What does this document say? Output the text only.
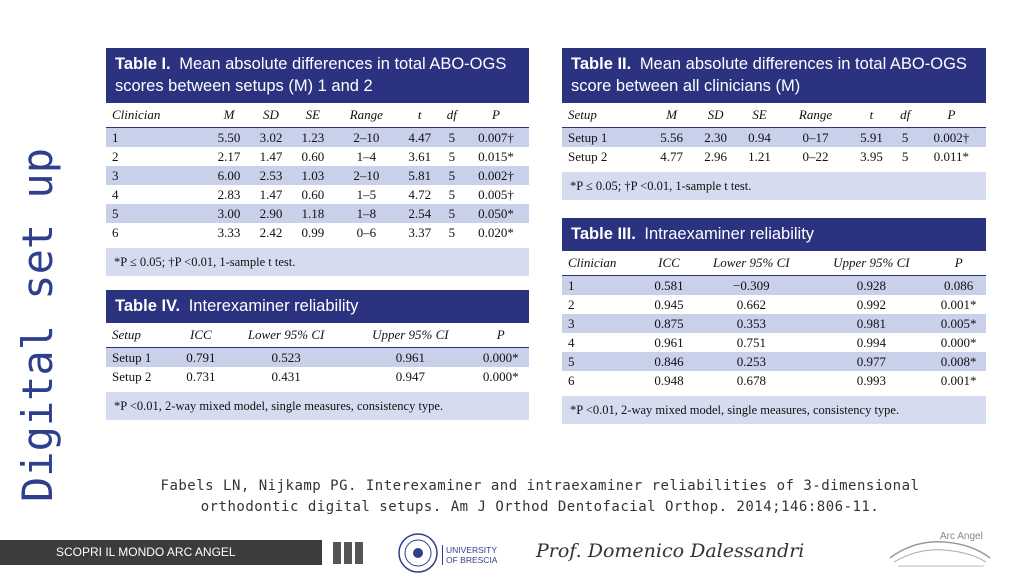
Digital set up
Table I. Mean absolute differences in total ABO-OGS scores between setups (M) 1 and 2
Clinician	M	SD	SE	Range	t	df	P
1	5.50	3.02	1.23	2–10	4.47	5	0.007†
2	2.17	1.47	0.60	1–4	3.61	5	0.015*
3	6.00	2.53	1.03	2–10	5.81	5	0.002†
4	2.83	1.47	0.60	1–5	4.72	5	0.005†
5	3.00	2.90	1.18	1–8	2.54	5	0.050*
6	3.33	2.42	0.99	0–6	3.37	5	0.020*
*P ≤ 0.05; †P <0.01, 1-sample t test.
Table II. Mean absolute differences in total ABO-OGS score between all clinicians (M)
Setup	M	SD	SE	Range	t	df	P
Setup 1	5.56	2.30	0.94	0–17	5.91	5	0.002†
Setup 2	4.77	2.96	1.21	0–22	3.95	5	0.011*
*P ≤ 0.05; †P <0.01, 1-sample t test.
Table III. Intraexaminer reliability
Clinician	ICC	Lower 95% CI	Upper 95% CI	P
1	0.581	−0.309	0.928	0.086
2	0.945	0.662	0.992	0.001*
3	0.875	0.353	0.981	0.005*
4	0.961	0.751	0.994	0.000*
5	0.846	0.253	0.977	0.008*
6	0.948	0.678	0.993	0.001*
*P <0.01, 2-way mixed model, single measures, consistency type.
Table IV. Interexaminer reliability
Setup	ICC	Lower 95% CI	Upper 95% CI	P
Setup 1	0.791	0.523	0.961	0.000*
Setup 2	0.731	0.431	0.947	0.000*
*P <0.01, 2-way mixed model, single measures, consistency type.
Fabels LN, Nijkamp PG. Interexaminer and intraexaminer reliabilities of 3-dimensional orthodontic digital setups. Am J Orthod Dentofacial Orthop. 2014;146:806-11.
SCOPRI IL MONDO ARC ANGEL	UNIVERSITY
OF BRESCIA Prof. Domenico Dalessandri
Arc Angel
